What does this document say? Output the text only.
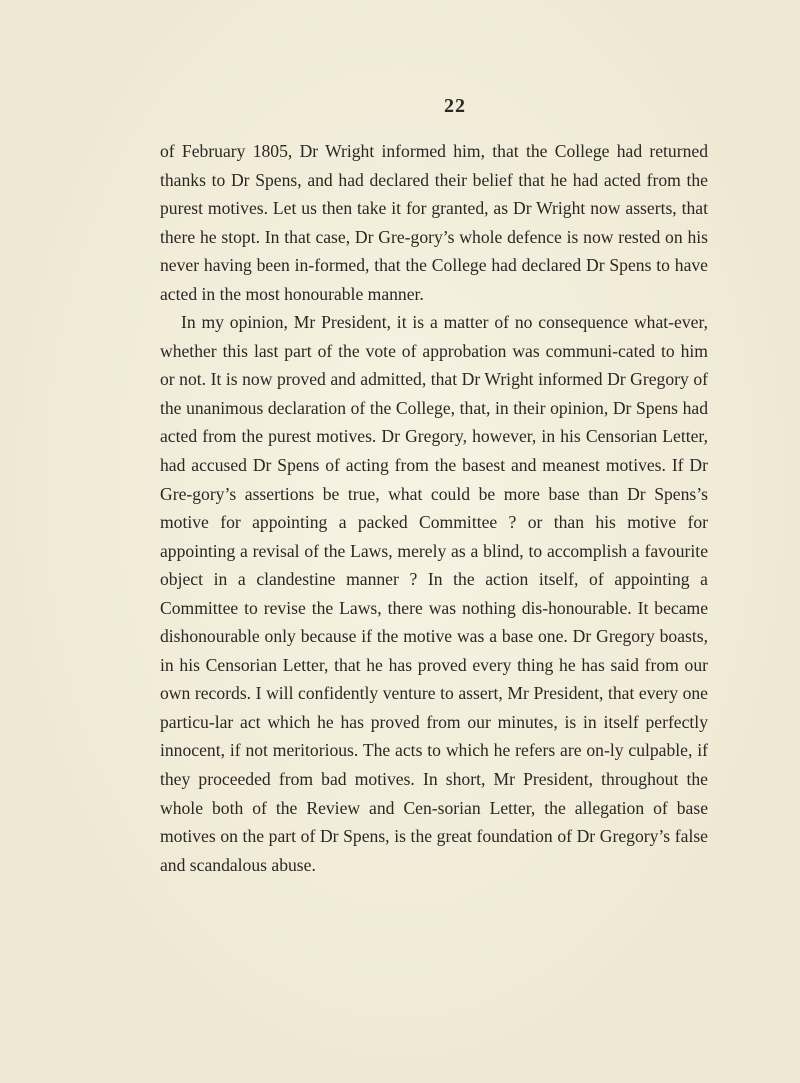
22

of February 1805, Dr Wright informed him, that the College had returned thanks to Dr Spens, and had declared their belief that he had acted from the purest motives. Let us then take it for granted, as Dr Wright now asserts, that there he stopt. In that case, Dr Gre-gory’s whole defence is now rested on his never having been in-formed, that the College had declared Dr Spens to have acted in the most honourable manner.

In my opinion, Mr President, it is a matter of no consequence what-ever, whether this last part of the vote of approbation was communi-cated to him or not. It is now proved and admitted, that Dr Wright informed Dr Gregory of the unanimous declaration of the College, that, in their opinion, Dr Spens had acted from the purest motives. Dr Gregory, however, in his Censorian Letter, had accused Dr Spens of acting from the basest and meanest motives. If Dr Gre-gory’s assertions be true, what could be more base than Dr Spens’s motive for appointing a packed Committee ? or than his motive for appointing a revisal of the Laws, merely as a blind, to accomplish a favourite object in a clandestine manner ? In the action itself, of appointing a Committee to revise the Laws, there was nothing dis-honourable. It became dishonourable only because if the motive was a base one. Dr Gregory boasts, in his Censorian Letter, that he has proved every thing he has said from our own records. I will confidently venture to assert, Mr President, that every one particu-lar act which he has proved from our minutes, is in itself perfectly innocent, if not meritorious. The acts to which he refers are on-ly culpable, if they proceeded from bad motives. In short, Mr President, throughout the whole both of the Review and Cen-sorian Letter, the allegation of base motives on the part of Dr Spens, is the great foundation of Dr Gregory’s false and scandalous abuse.
